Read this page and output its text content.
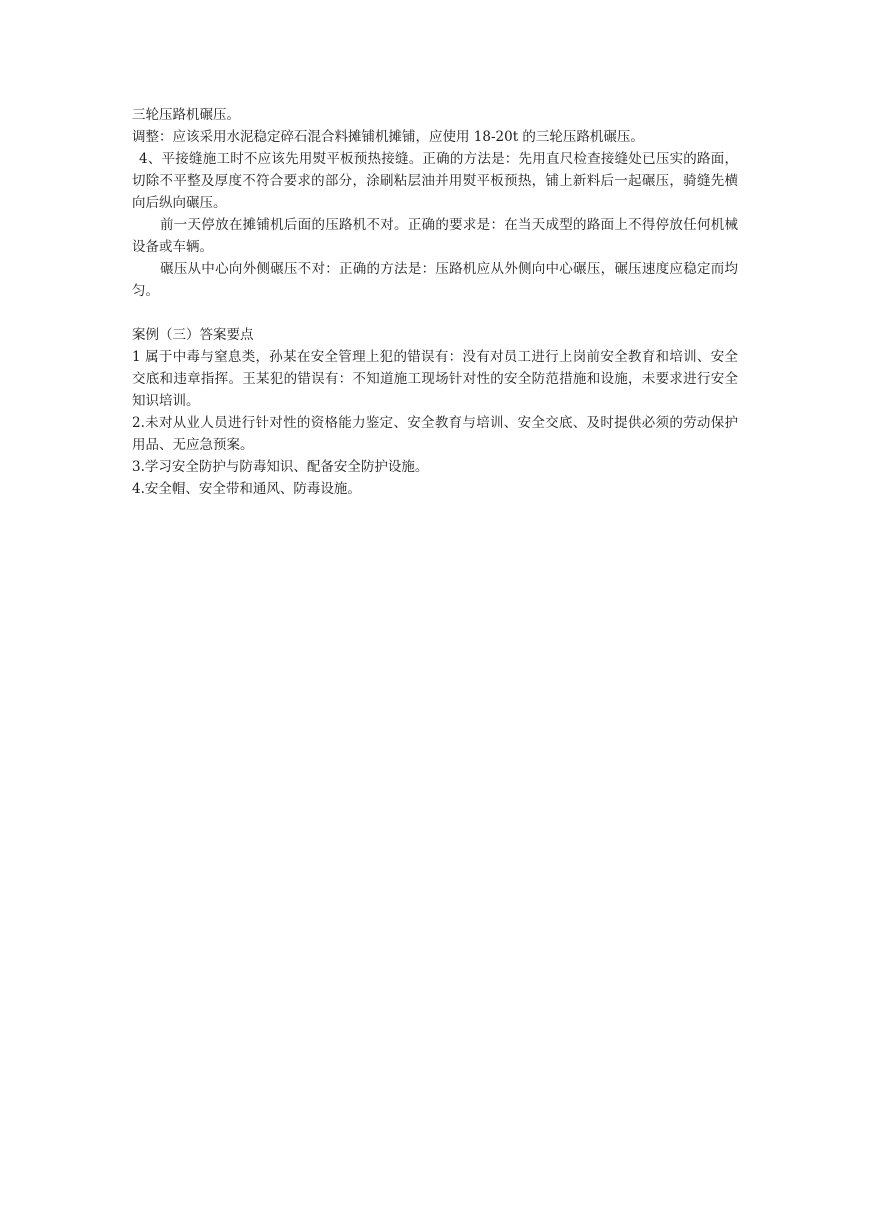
三轮压路机碾压。

调整：应该采用水泥稳定碎石混合料摊铺机摊铺，应使用 18-20t 的三轮压路机碾压。

4、平接缝施工时不应该先用熨平板预热接缝。正确的方法是：先用直尺检查接缝处已压实的路面，切除不平整及厚度不符合要求的部分，涂刷粘层油并用熨平板预热，铺上新料后一起碾压，骑缝先横向后纵向碾压。

前一天停放在摊铺机后面的压路机不对。正确的要求是：在当天成型的路面上不得停放任何机械设备或车辆。

碾压从中心向外侧碾压不对：正确的方法是：压路机应从外侧向中心碾压，碾压速度应稳定而均匀。

案例（三）答案要点

1 属于中毒与窒息类，孙某在安全管理上犯的错误有：没有对员工进行上岗前安全教育和培训、安全交底和违章指挥。王某犯的错误有：不知道施工现场针对性的安全防范措施和设施，未要求进行安全知识培训。

2.未对从业人员进行针对性的资格能力鉴定、安全教育与培训、安全交底、及时提供必须的劳动保护用品、无应急预案。

3.学习安全防护与防毒知识、配备安全防护设施。

4.安全帽、安全带和通风、防毒设施。
